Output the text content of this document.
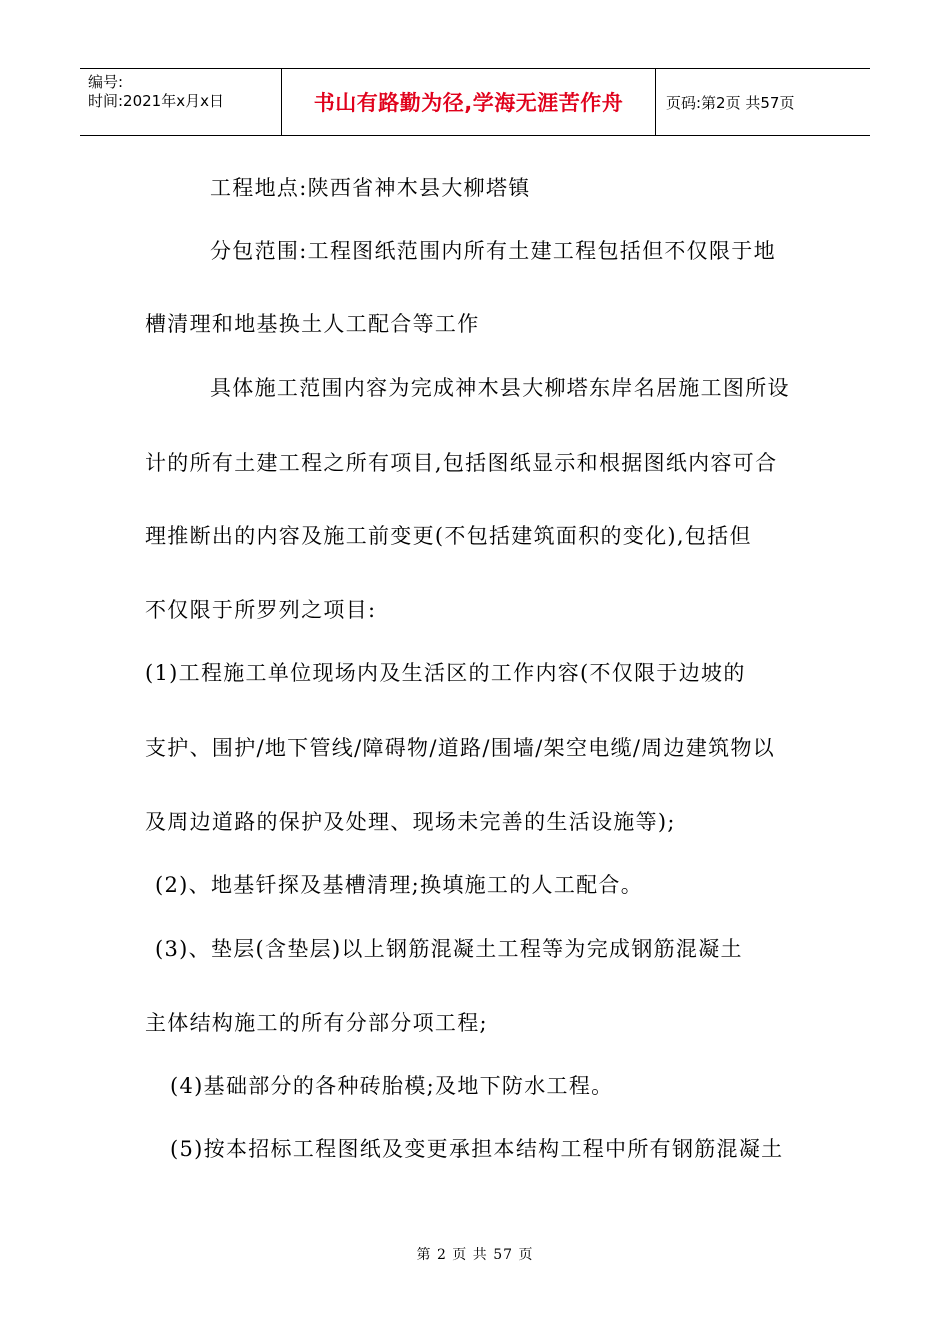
编号:
时间:2021年x月x日	书山有路勤为径,学海无涯苦作舟	页码:第2页 共57页
工程地点:陕西省神木县大柳塔镇
分包范围:工程图纸范围内所有土建工程包括但不仅限于地
槽清理和地基换土人工配合等工作
具体施工范围内容为完成神木县大柳塔东岸名居施工图所设
计的所有土建工程之所有项目,包括图纸显示和根据图纸内容可合
理推断出的内容及施工前变更(不包括建筑面积的变化),包括但
不仅限于所罗列之项目:
(1)工程施工单位现场内及生活区的工作内容(不仅限于边坡的
支护、围护/地下管线/障碍物/道路/围墙/架空电缆/周边建筑物以
及周边道路的保护及处理、现场未完善的生活设施等);
(2)、地基钎探及基槽清理;换填施工的人工配合。
(3)、垫层(含垫层)以上钢筋混凝土工程等为完成钢筋混凝土
主体结构施工的所有分部分项工程;
(4)基础部分的各种砖胎模;及地下防水工程。
(5)按本招标工程图纸及变更承担本结构工程中所有钢筋混凝土
第 2 页 共 57 页
